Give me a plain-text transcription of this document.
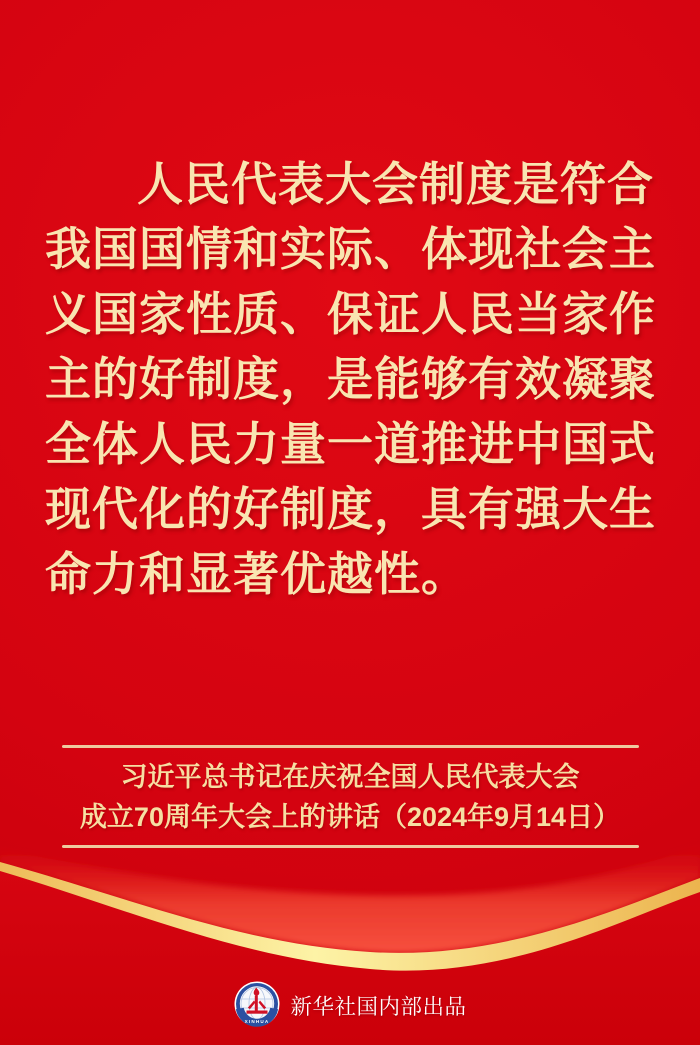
人民代表大会制度是符合
我国国情和实际、体现社会主
义国家性质、保证人民当家作
主的好制度，是能够有效凝聚
全体人民力量一道推进中国式
现代化的好制度，具有强大生
命力和显著优越性。
习近平总书记在庆祝全国人民代表大会
成立70周年大会上的讲话（2024年9月14日）
XINHUA
新华社国内部出品
